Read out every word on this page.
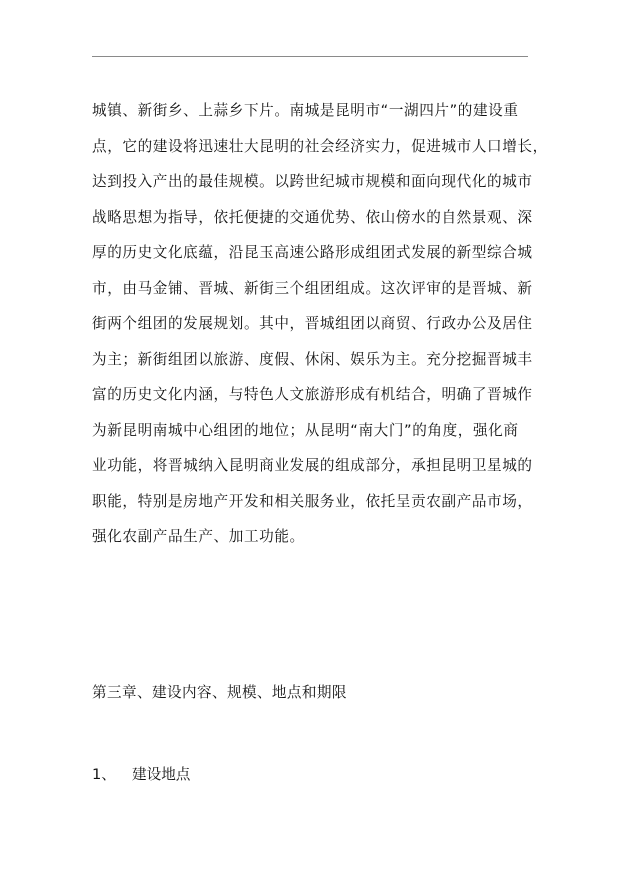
城镇、新街乡、上蒜乡下片。南城是昆明市“一湖四片”的建设重
点，它的建设将迅速壮大昆明的社会经济实力，促进城市人口增长，
达到投入产出的最佳规模。以跨世纪城市规模和面向现代化的城市
战略思想为指导，依托便捷的交通优势、依山傍水的自然景观、深
厚的历史文化底蕴，沿昆玉高速公路形成组团式发展的新型综合城
市，由马金铺、晋城、新街三个组团组成。这次评审的是晋城、新
街两个组团的发展规划。其中，晋城组团以商贸、行政办公及居住
为主；新街组团以旅游、度假、休闲、娱乐为主。充分挖掘晋城丰
富的历史文化内涵，与特色人文旅游形成有机结合，明确了晋城作
为新昆明南城中心组团的地位；从昆明“南大门”的角度，强化商
业功能，将晋城纳入昆明商业发展的组成部分，承担昆明卫星城的
职能，特别是房地产开发和相关服务业，依托呈贡农副产品市场，
强化农副产品生产、加工功能。
第三章、建设内容、规模、地点和期限
1、 建设地点
